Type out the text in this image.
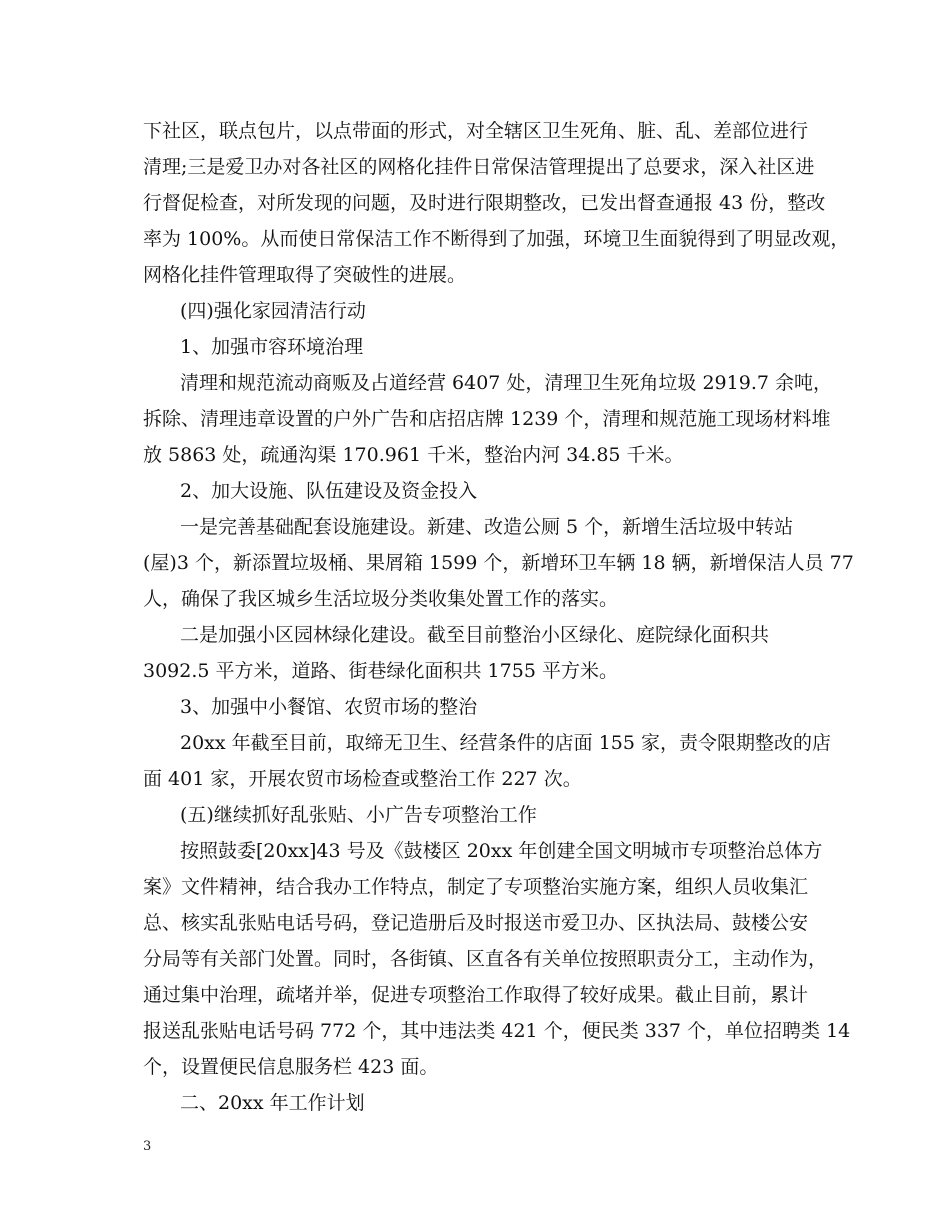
下社区，联点包片，以点带面的形式，对全辖区卫生死角、脏、乱、差部位进行
清理;三是爱卫办对各社区的网格化挂件日常保洁管理提出了总要求，深入社区进
行督促检查，对所发现的问题，及时进行限期整改，已发出督查通报 43 份，整改
率为 100%。从而使日常保洁工作不断得到了加强，环境卫生面貌得到了明显改观，
网格化挂件管理取得了突破性的进展。
(四)强化家园清洁行动
1、加强市容环境治理
清理和规范流动商贩及占道经营 6407 处，清理卫生死角垃圾 2919.7 余吨，
拆除、清理违章设置的户外广告和店招店牌 1239 个，清理和规范施工现场材料堆
放 5863 处，疏通沟渠 170.961 千米，整治内河 34.85 千米。
2、加大设施、队伍建设及资金投入
一是完善基础配套设施建设。新建、改造公厕 5 个，新增生活垃圾中转站
(屋)3 个，新添置垃圾桶、果屑箱 1599 个，新增环卫车辆 18 辆，新增保洁人员 77
人，确保了我区城乡生活垃圾分类收集处置工作的落实。
二是加强小区园林绿化建设。截至目前整治小区绿化、庭院绿化面积共
3092.5 平方米，道路、街巷绿化面积共 1755 平方米。
3、加强中小餐馆、农贸市场的整治
20xx 年截至目前，取缔无卫生、经营条件的店面 155 家，责令限期整改的店
面 401 家，开展农贸市场检查或整治工作 227 次。
(五)继续抓好乱张贴、小广告专项整治工作
按照鼓委[20xx]43 号及《鼓楼区 20xx 年创建全国文明城市专项整治总体方
案》文件精神，结合我办工作特点，制定了专项整治实施方案，组织人员收集汇
总、核实乱张贴电话号码，登记造册后及时报送市爱卫办、区执法局、鼓楼公安
分局等有关部门处置。同时，各街镇、区直各有关单位按照职责分工，主动作为，
通过集中治理，疏堵并举，促进专项整治工作取得了较好成果。截止目前，累计
报送乱张贴电话号码 772 个，其中违法类 421 个，便民类 337 个，单位招聘类 14
个，设置便民信息服务栏 423 面。
二、20xx 年工作计划
3
